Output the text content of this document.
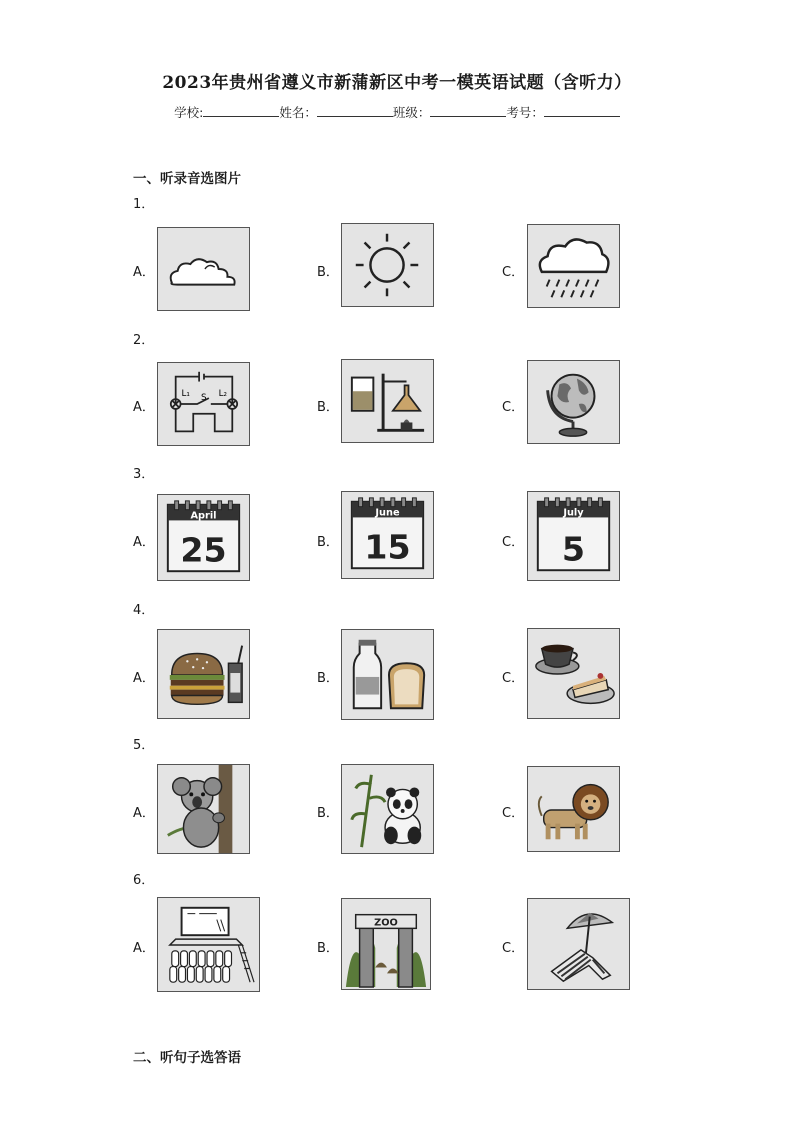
2023年贵州省遵义市新蒲新区中考一模英语试题（含听力）
学校:	姓名：	班级：	考号：
一、听录音选图片
1．
A．	B．	C．
2．
A．
L₁	L₂
S
B．	C．
3．
A．
April
25	B．
June
15	C．
July
5
4．
A．	B．	C．
5．
A．	B．	C．
6．
A．	B．
ZOO
C．
二、听句子选答语
